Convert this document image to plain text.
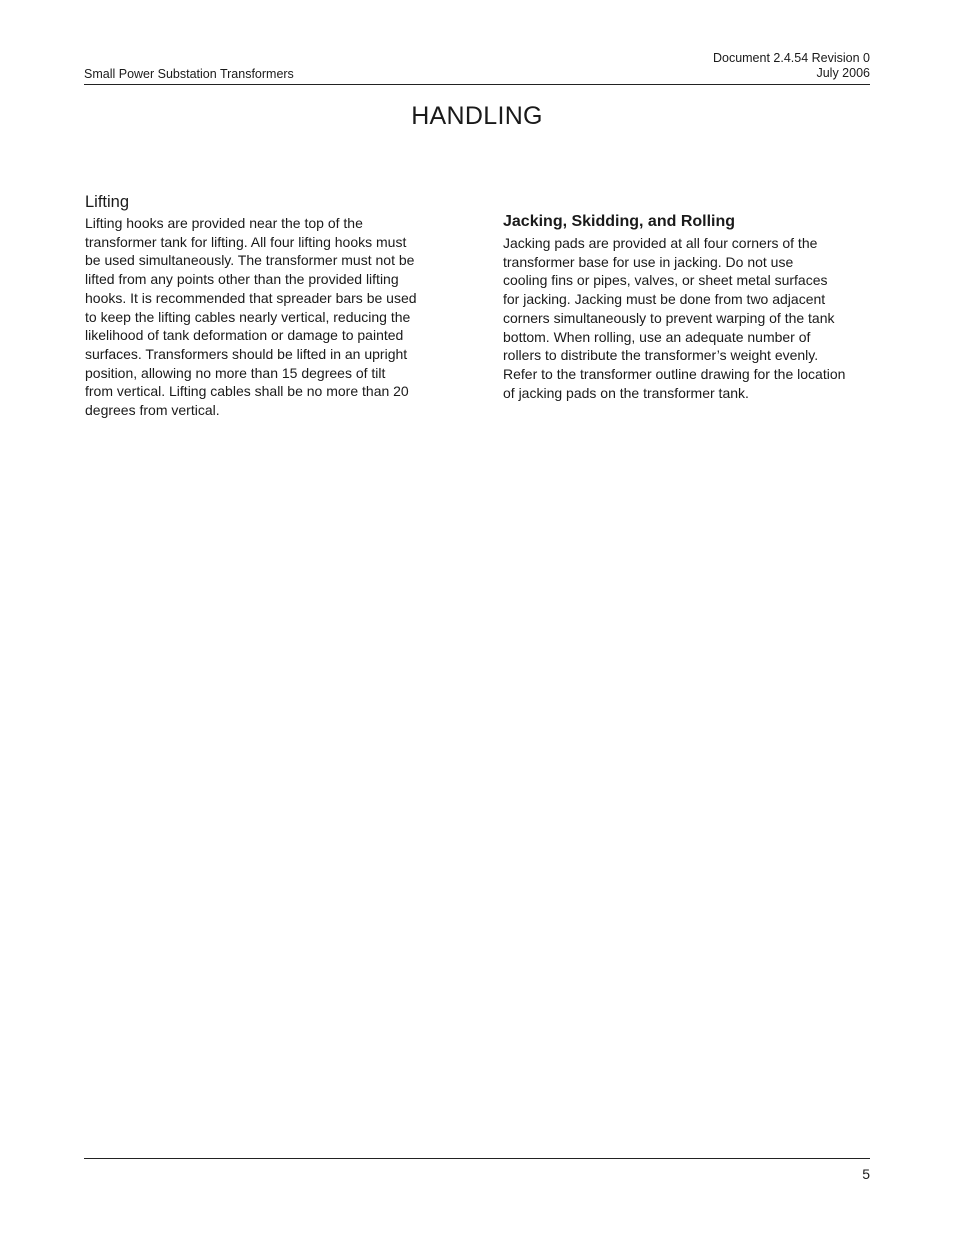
Small Power Substation Transformers
Document 2.4.54 Revision 0
July 2006
HANDLING
Lifting

Lifting hooks are provided near the top of the
transformer tank for lifting. All four lifting hooks must
be used simultaneously. The transformer must not be
lifted from any points other than the provided lifting
hooks. It is recommended that spreader bars be used
to keep the lifting cables nearly vertical, reducing the
likelihood of tank deformation or damage to painted
surfaces. Transformers should be lifted in an upright
position, allowing no more than 15 degrees of tilt
from vertical. Lifting cables shall be no more than 20
degrees from vertical.

Jacking, Skidding, and Rolling

Jacking pads are provided at all four corners of the
transformer base for use in jacking. Do not use
cooling fins or pipes, valves, or sheet metal surfaces
for jacking. Jacking must be done from two adjacent
corners simultaneously to prevent warping of the tank
bottom. When rolling, use an adequate number of
rollers to distribute the transformer’s weight evenly.
Refer to the transformer outline drawing for the location
of jacking pads on the transformer tank.

5
